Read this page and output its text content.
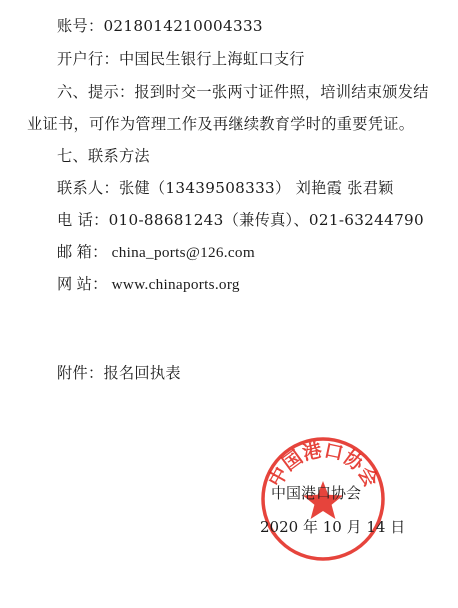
账号：0218014210004333
开户行：中国民生银行上海虹口支行
六、提示：报到时交一张两寸证件照，培训结束颁发结
业证书，可作为管理工作及再继续教育学时的重要凭证。
七、联系方法
联系人：张健（13439508333） 刘艳霞 张君颖
电 话：010-88681243（兼传真）、021-63244790
邮 箱： china_ports@126.com
网 站： www.chinaports.org
附件：报名回执表
中国港口协会
中国港口协会
2020 年 10 月 14 日
